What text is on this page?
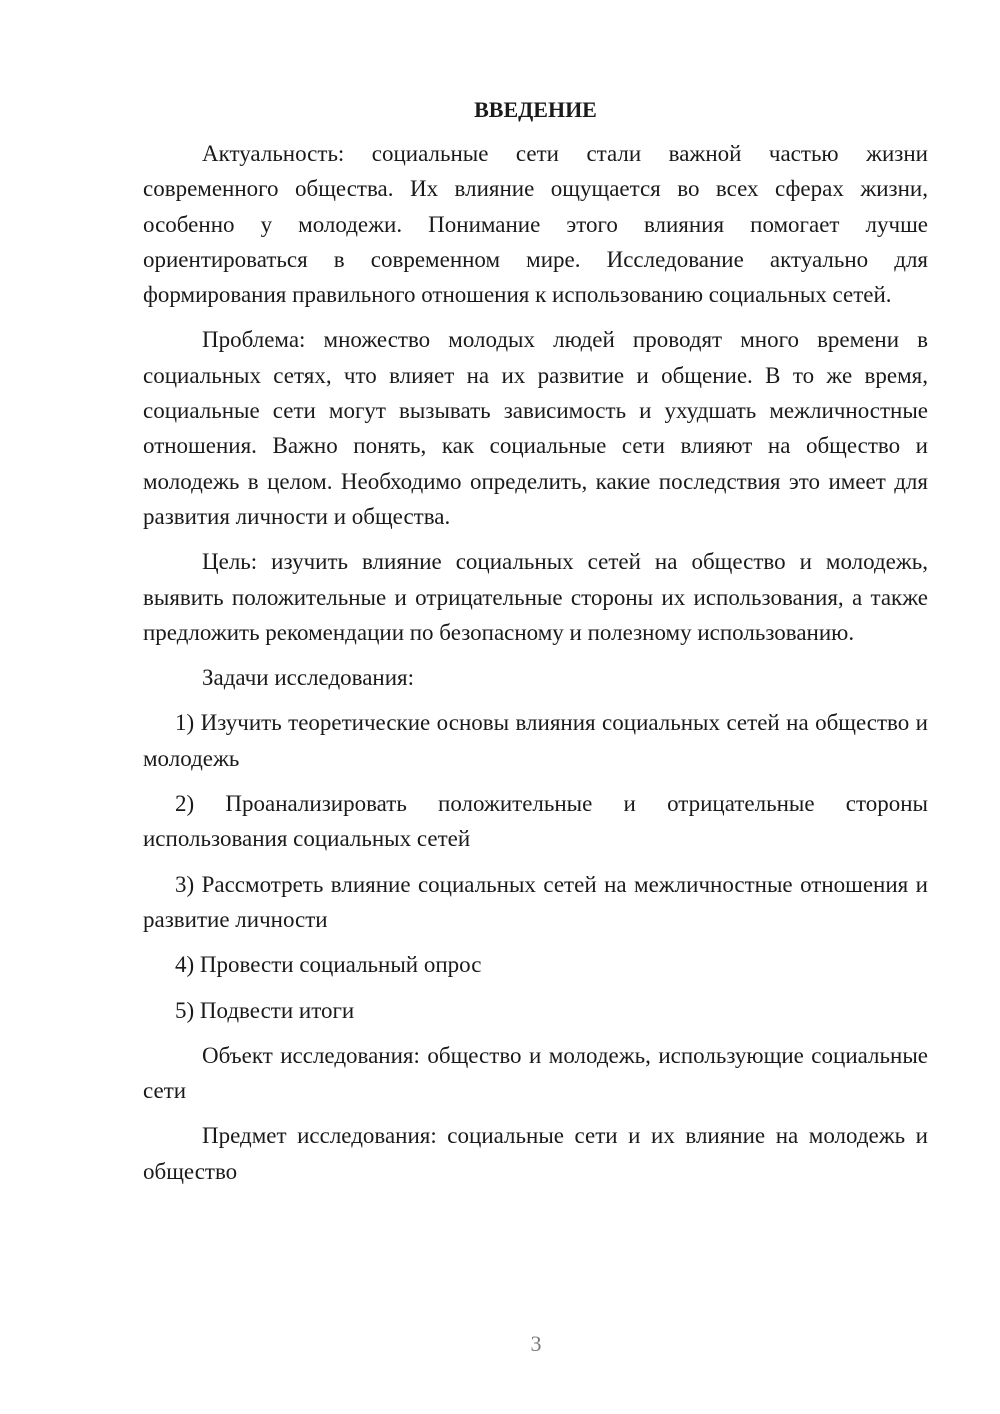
ВВЕДЕНИЕ

Актуальность: социальные сети стали важной частью жизни современного общества. Их влияние ощущается во всех сферах жизни, особенно у молодежи. Понимание этого влияния помогает лучше ориентироваться в современном мире. Исследование актуально для формирования правильного отношения к использованию социальных сетей.

Проблема: множество молодых людей проводят много времени в социальных сетях, что влияет на их развитие и общение. В то же время, социальные сети могут вызывать зависимость и ухудшать межличностные отношения. Важно понять, как социальные сети влияют на общество и молодежь в целом. Необходимо определить, какие последствия это имеет для развития личности и общества.

Цель: изучить влияние социальных сетей на общество и молодежь, выявить положительные и отрицательные стороны их использования, а также предложить рекомендации по безопасному и полезному использованию.

Задачи исследования:

1) Изучить теоретические основы влияния социальных сетей на общество и молодежь

2) Проанализировать положительные и отрицательные стороны использования социальных сетей

3) Рассмотреть влияние социальных сетей на межличностные отношения и развитие личности

4) Провести социальный опрос

5) Подвести итоги

Объект исследования: общество и молодежь, использующие социальные сети

Предмет исследования: социальные сети и их влияние на молодежь и общество

3
